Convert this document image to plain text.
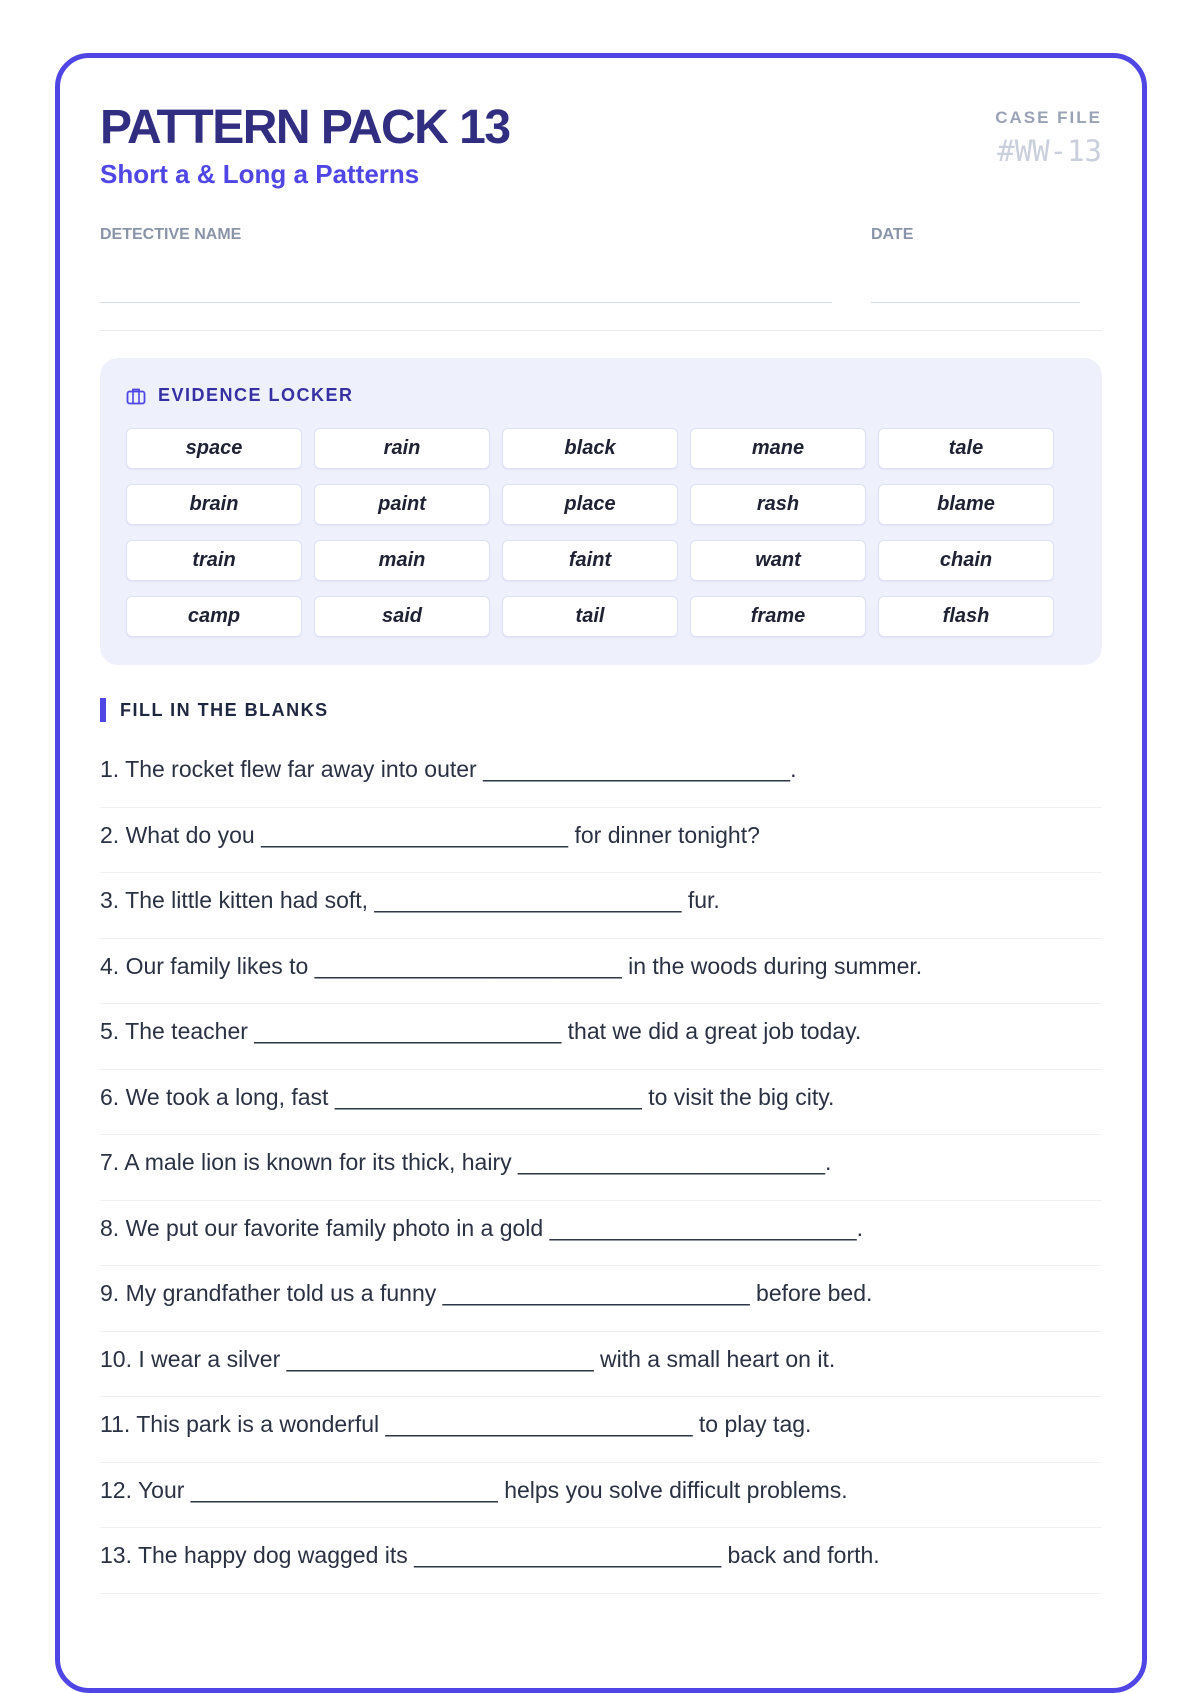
PATTERN PACK 13
Short a & Long a Patterns
CASE FILE
#WW-13
DETECTIVE NAME	DATE
EVIDENCE LOCKER
space	rain	black	mane	tale
brain	paint	place	rash	blame
train	main	faint	want	chain
camp	said	tail	frame	flash
FILL IN THE BLANKS
1. The rocket flew far away into outer ________________________.
2. What do you ________________________ for dinner tonight?
3. The little kitten had soft, ________________________ fur.
4. Our family likes to ________________________ in the woods during summer.
5. The teacher ________________________ that we did a great job today.
6. We took a long, fast ________________________ to visit the big city.
7. A male lion is known for its thick, hairy ________________________.
8. We put our favorite family photo in a gold ________________________.
9. My grandfather told us a funny ________________________ before bed.
10. I wear a silver ________________________ with a small heart on it.
11. This park is a wonderful ________________________ to play tag.
12. Your ________________________ helps you solve difficult problems.
13. The happy dog wagged its ________________________ back and forth.
